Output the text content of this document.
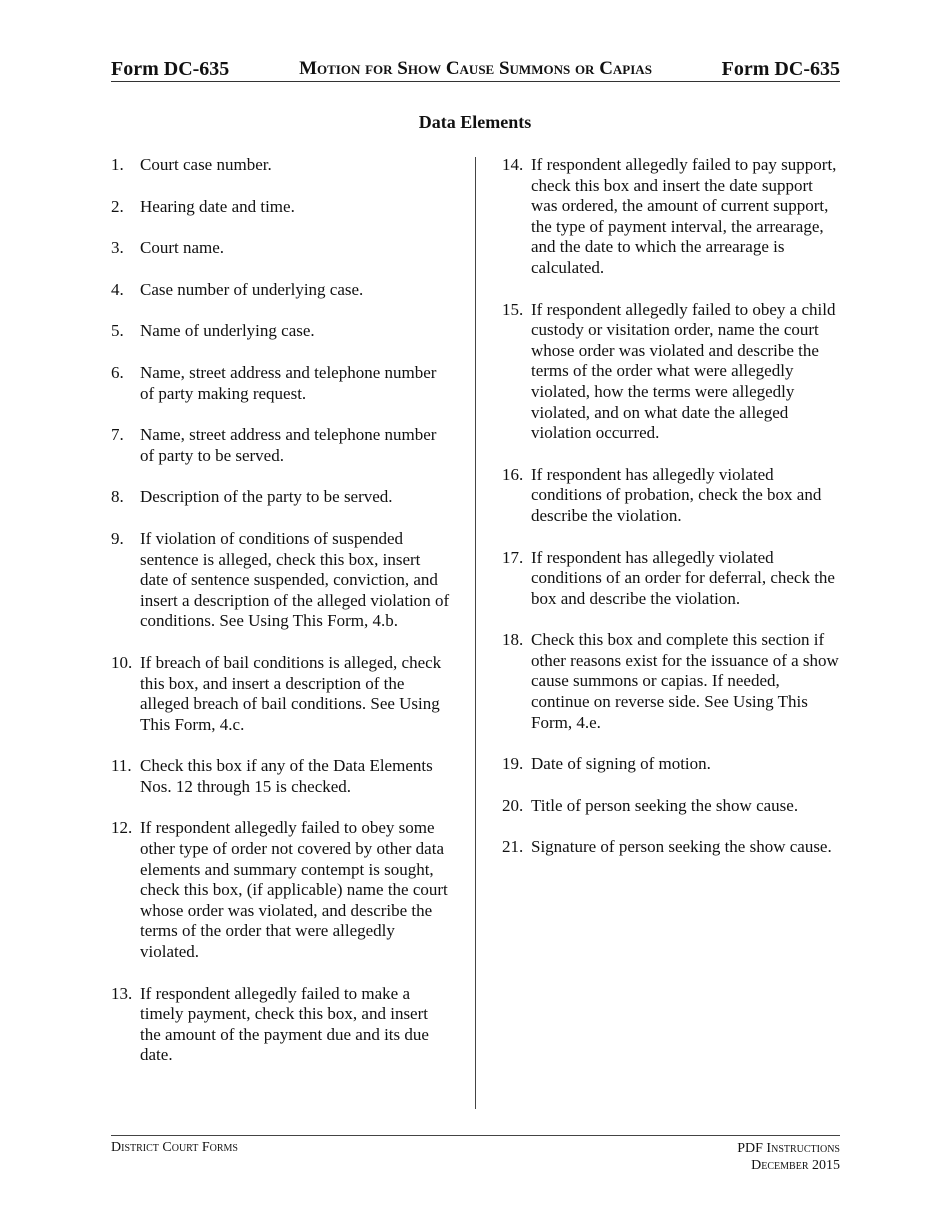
Form DC-635	Motion for Show Cause Summons or Capias	Form DC-635
Data Elements
1. Court case number.
2. Hearing date and time.
3. Court name.
4. Case number of underlying case.
5. Name of underlying case.
6. Name, street address and telephone number of party making request.
7. Name, street address and telephone number of party to be served.
8. Description of the party to be served.
9. If violation of conditions of suspended sentence is alleged, check this box, insert date of sentence suspended, conviction, and insert a description of the alleged violation of conditions. See Using This Form, 4.b.
10. If breach of bail conditions is alleged, check this box, and insert a description of the alleged breach of bail conditions. See Using This Form, 4.c.
11. Check this box if any of the Data Elements Nos. 12 through 15 is checked.
12. If respondent allegedly failed to obey some other type of order not covered by other data elements and summary contempt is sought, check this box, (if applicable) name the court whose order was violated, and describe the terms of the order that were allegedly violated.
13. If respondent allegedly failed to make a timely payment, check this box, and insert the amount of the payment due and its due date.
14. If respondent allegedly failed to pay support, check this box and insert the date support was ordered, the amount of current support, the type of payment interval, the arrearage, and the date to which the arrearage is calculated.
15. If respondent allegedly failed to obey a child custody or visitation order, name the court whose order was violated and describe the terms of the order what were allegedly violated, how the terms were allegedly violated, and on what date the alleged violation occurred.
16. If respondent has allegedly violated conditions of probation, check the box and describe the violation.
17. If respondent has allegedly violated conditions of an order for deferral, check the box and describe the violation.
18. Check this box and complete this section if other reasons exist for the issuance of a show cause summons or capias. If needed, continue on reverse side. See Using This Form, 4.e.
19. Date of signing of motion.
20. Title of person seeking the show cause.
21. Signature of person seeking the show cause.
District Court Forms	PDF Instructions
December 2015
